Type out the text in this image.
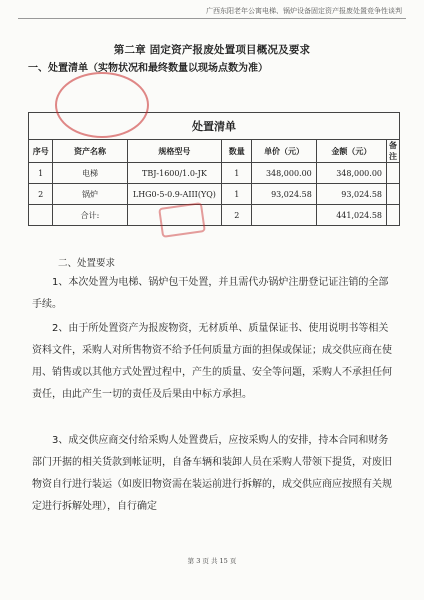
广西东阳老年公寓电梯、锅炉设备固定资产报废处置竞争性谈判
第二章 固定资产报废处置项目概况及要求
一、处置清单（实物状况和最终数量以现场点数为准）
处置清单						
序号	资产名称	规格型号	数量	单价（元）	金额（元）	备注
1	电梯	TBJ-1600/1.0-JK	1	348,000.00	348,000.00	
2	锅炉	LHG0-5-0.9-AIII(YQ)	1	93,024.58	93,024.58	
	合计:		2		441,024.58	
二、处置要求
1、本次处置为电梯、锅炉包干处置，并且需代办锅炉注册登记证注销的全部手续。
2、由于所处置资产为报废物资，无材质单、质量保证书、使用说明书等相关资料文件，采购人对所售物资不给予任何质量方面的担保或保证；成交供应商在使用、销售或以其他方式处置过程中，产生的质量、安全等问题，采购人不承担任何责任，由此产生一切的责任及后果由中标方承担。
3、成交供应商交付给采购人处置费后，应按采购人的安排，持本合同和财务部门开据的相关货款到帐证明，自备车辆和装卸人员在采购人带领下提货，对废旧物资自行进行装运（如废旧物资需在装运前进行拆解的，成交供应商应按照有关规定进行拆解处理），自行确定
第 3 页 共 15 页
